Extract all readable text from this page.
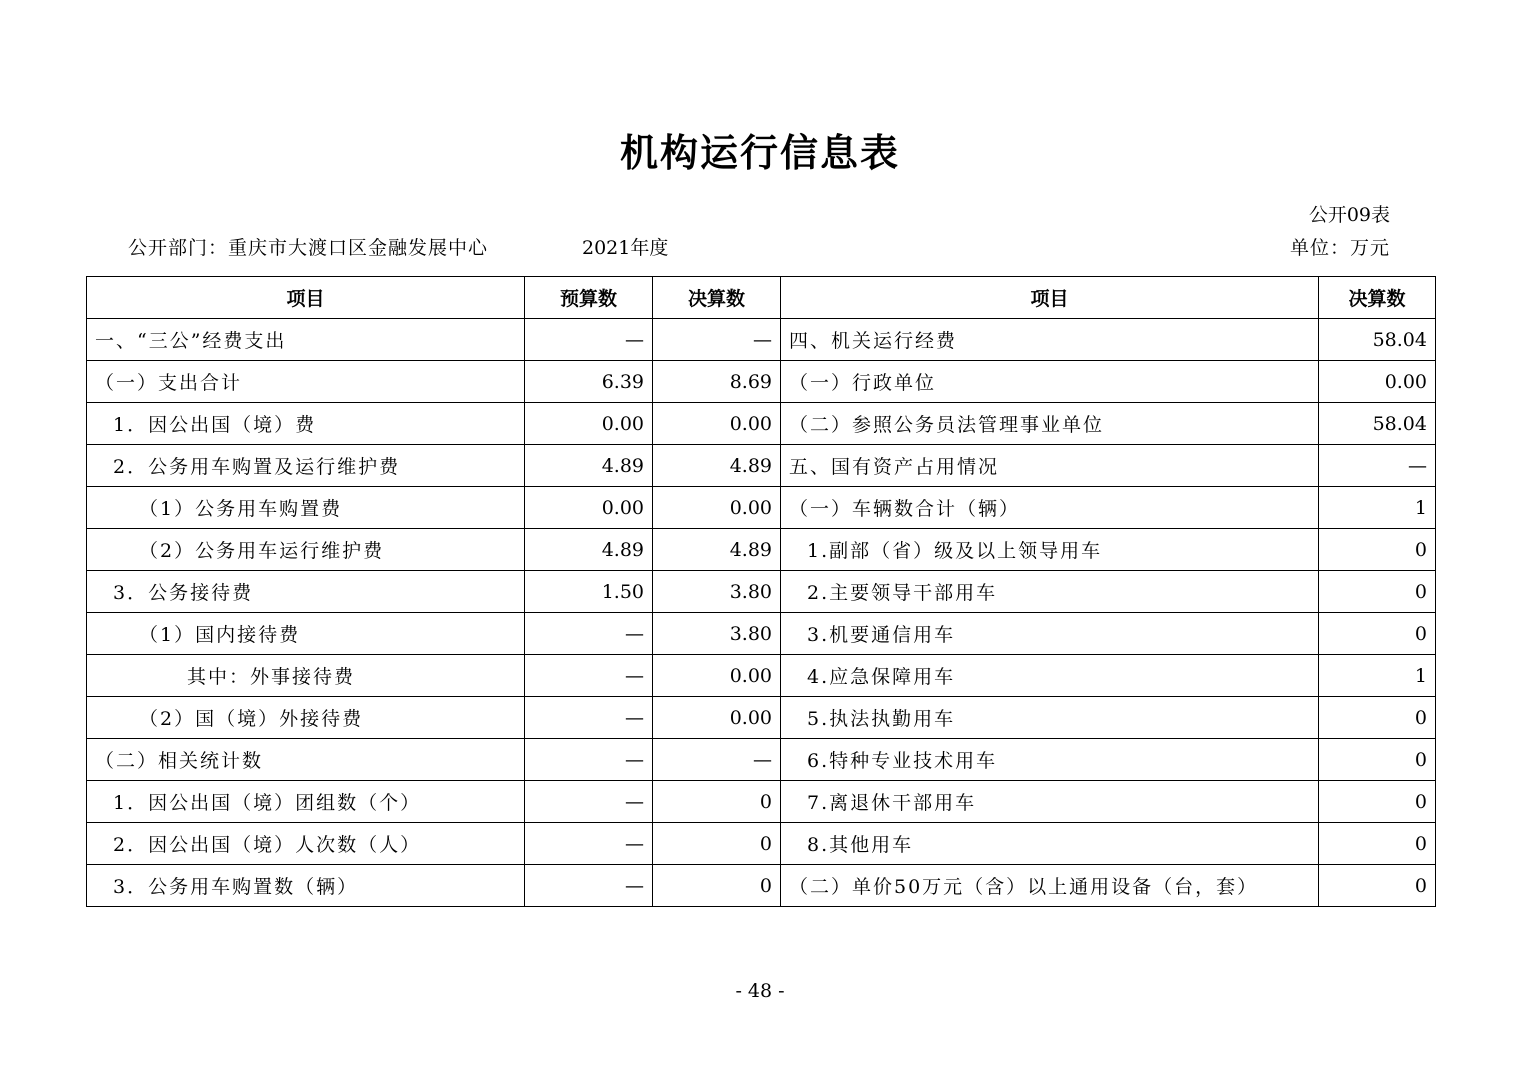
机构运行信息表
公开09表
公开部门：重庆市大渡口区金融发展中心	2021年度	单位：万元
项目	预算数	决算数	项目	决算数
一、“三公”经费支出	—	—	四、机关运行经费	58.04
（一）支出合计	6.39	8.69	（一）行政单位	0.00
1．因公出国（境）费	0.00	0.00	（二）参照公务员法管理事业单位	58.04
2．公务用车购置及运行维护费	4.89	4.89	五、国有资产占用情况	—
（1）公务用车购置费	0.00	0.00	（一）车辆数合计（辆）	1
（2）公务用车运行维护费	4.89	4.89	1.副部（省）级及以上领导用车	0
3．公务接待费	1.50	3.80	2.主要领导干部用车	0
（1）国内接待费	—	3.80	3.机要通信用车	0
其中：外事接待费	—	0.00	4.应急保障用车	1
（2）国（境）外接待费	—	0.00	5.执法执勤用车	0
（二）相关统计数	—	—	6.特种专业技术用车	0
1．因公出国（境）团组数（个）	—	0	7.离退休干部用车	0
2．因公出国（境）人次数（人）	—	0	8.其他用车	0
3．公务用车购置数（辆）	—	0	（二）单价50万元（含）以上通用设备（台，套）	0
- 48 -
